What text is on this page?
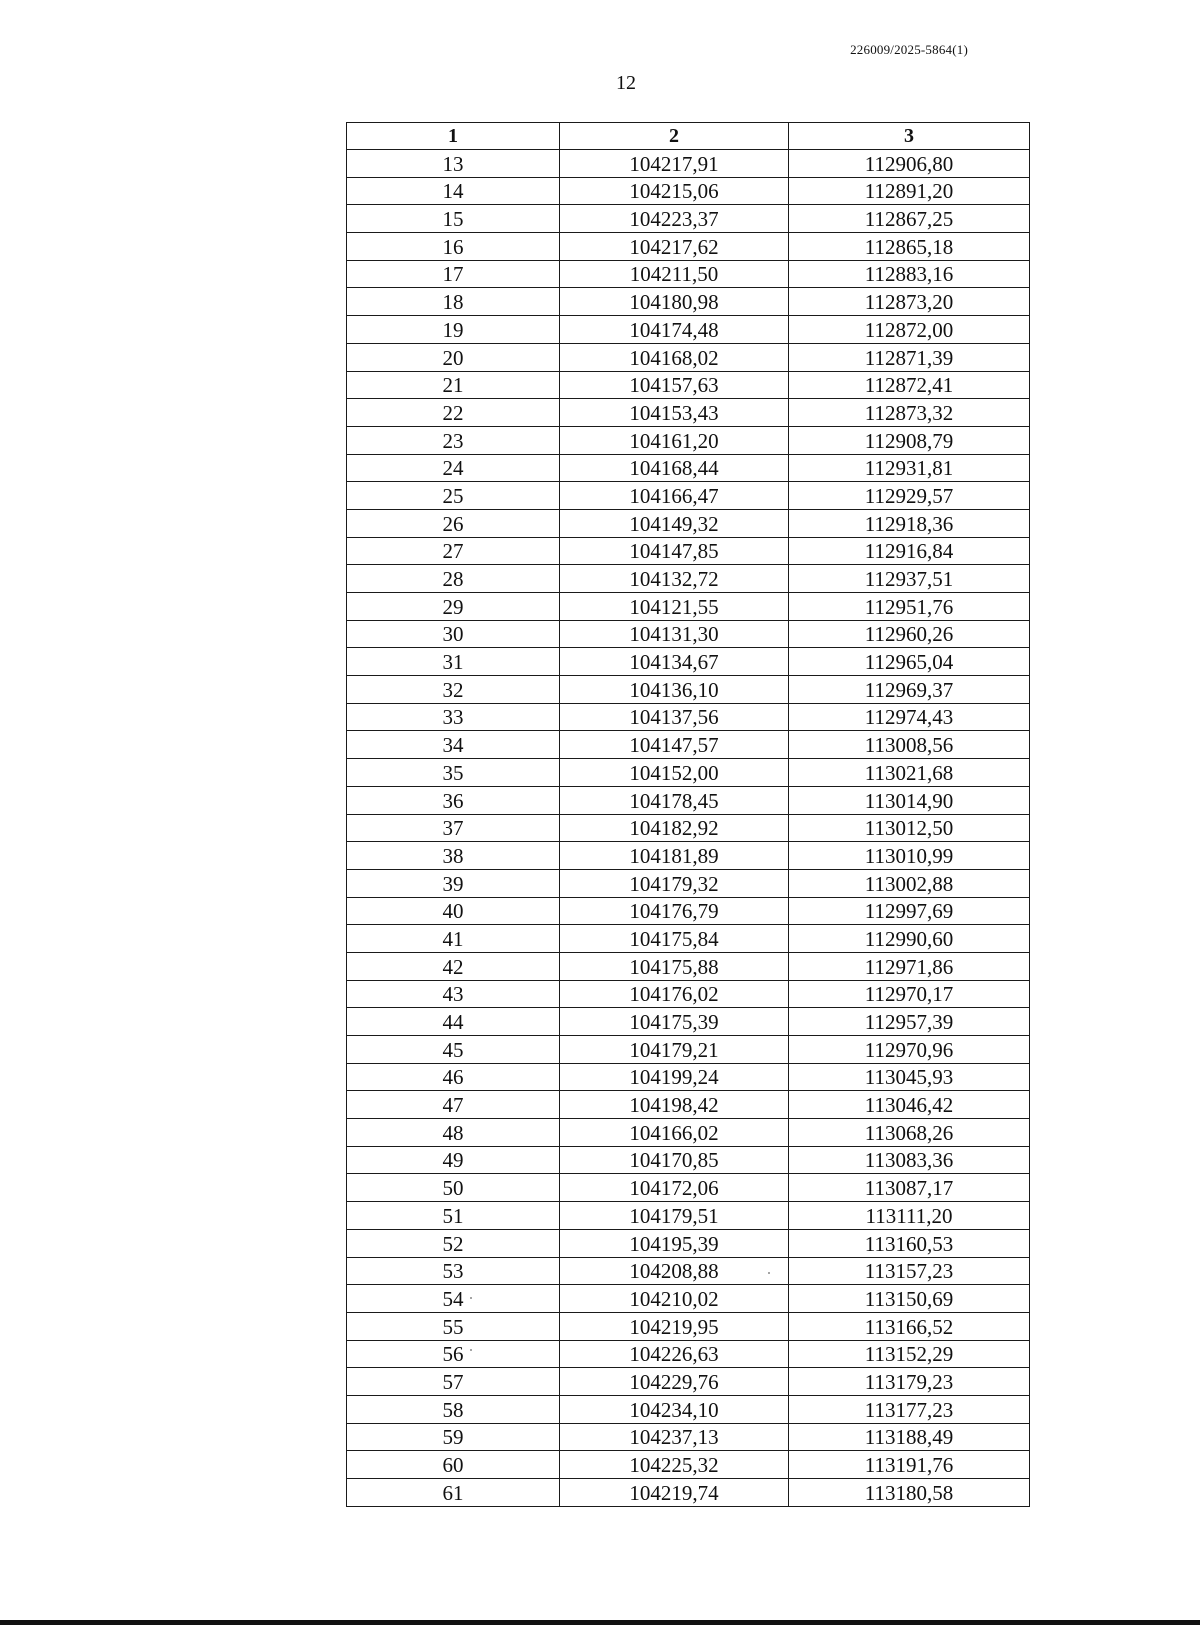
226009/2025-5864(1)
12
1	2	3
13	104217,91	112906,80
14	104215,06	112891,20
15	104223,37	112867,25
16	104217,62	112865,18
17	104211,50	112883,16
18	104180,98	112873,20
19	104174,48	112872,00
20	104168,02	112871,39
21	104157,63	112872,41
22	104153,43	112873,32
23	104161,20	112908,79
24	104168,44	112931,81
25	104166,47	112929,57
26	104149,32	112918,36
27	104147,85	112916,84
28	104132,72	112937,51
29	104121,55	112951,76
30	104131,30	112960,26
31	104134,67	112965,04
32	104136,10	112969,37
33	104137,56	112974,43
34	104147,57	113008,56
35	104152,00	113021,68
36	104178,45	113014,90
37	104182,92	113012,50
38	104181,89	113010,99
39	104179,32	113002,88
40	104176,79	112997,69
41	104175,84	112990,60
42	104175,88	112971,86
43	104176,02	112970,17
44	104175,39	112957,39
45	104179,21	112970,96
46	104199,24	113045,93
47	104198,42	113046,42
48	104166,02	113068,26
49	104170,85	113083,36
50	104172,06	113087,17
51	104179,51	113111,20
52	104195,39	113160,53
53	104208,88	113157,23
54	104210,02	113150,69
55	104219,95	113166,52
56	104226,63	113152,29
57	104229,76	113179,23
58	104234,10	113177,23
59	104237,13	113188,49
60	104225,32	113191,76
61	104219,74	113180,58
